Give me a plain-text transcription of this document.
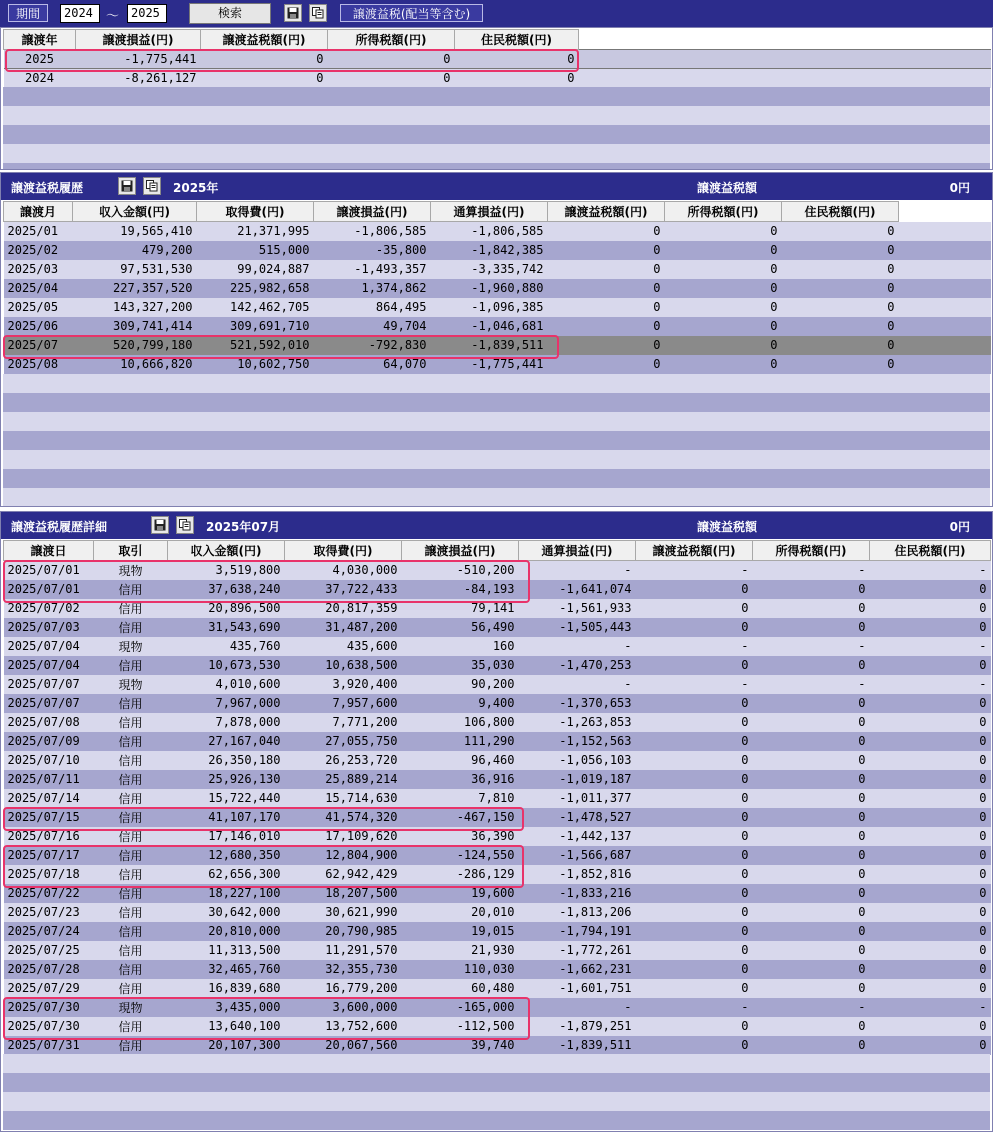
期間	2024	～ 2025	検索	譲渡益税(配当等含む)
譲渡年	譲渡損益(円)	譲渡益税額(円)	所得税額(円)	住民税額(円)	
2025	-1,775,441	0	0	0	
2024	-8,261,127	0	0	0	
譲渡益税履歴	2025年	譲渡益税額	0円
譲渡月	収入金額(円)	取得費(円)	譲渡損益(円)	通算損益(円)	譲渡益税額(円)	所得税額(円)	住民税額(円)	
2025/01	19,565,410	21,371,995	-1,806,585	-1,806,585	0	0	0	
2025/02	479,200	515,000	-35,800	-1,842,385	0	0	0	
2025/03	97,531,530	99,024,887	-1,493,357	-3,335,742	0	0	0	
2025/04	227,357,520	225,982,658	1,374,862	-1,960,880	0	0	0	
2025/05	143,327,200	142,462,705	864,495	-1,096,385	0	0	0	
2025/06	309,741,414	309,691,710	49,704	-1,046,681	0	0	0	
2025/07	520,799,180	521,592,010	-792,830	-1,839,511	0	0	0	
2025/08	10,666,820	10,602,750	64,070	-1,775,441	0	0	0	
譲渡益税履歴詳細	2025年07月	譲渡益税額	0円
譲渡日	取引	収入金額(円)	取得費(円)	譲渡損益(円)	通算損益(円)	譲渡益税額(円)	所得税額(円)	住民税額(円)
2025/07/01	現物	3,519,800	4,030,000	-510,200	-	-	-	-
2025/07/01	信用	37,638,240	37,722,433	-84,193	-1,641,074	0	0	0
2025/07/02	信用	20,896,500	20,817,359	79,141	-1,561,933	0	0	0
2025/07/03	信用	31,543,690	31,487,200	56,490	-1,505,443	0	0	0
2025/07/04	現物	435,760	435,600	160	-	-	-	-
2025/07/04	信用	10,673,530	10,638,500	35,030	-1,470,253	0	0	0
2025/07/07	現物	4,010,600	3,920,400	90,200	-	-	-	-
2025/07/07	信用	7,967,000	7,957,600	9,400	-1,370,653	0	0	0
2025/07/08	信用	7,878,000	7,771,200	106,800	-1,263,853	0	0	0
2025/07/09	信用	27,167,040	27,055,750	111,290	-1,152,563	0	0	0
2025/07/10	信用	26,350,180	26,253,720	96,460	-1,056,103	0	0	0
2025/07/11	信用	25,926,130	25,889,214	36,916	-1,019,187	0	0	0
2025/07/14	信用	15,722,440	15,714,630	7,810	-1,011,377	0	0	0
2025/07/15	信用	41,107,170	41,574,320	-467,150	-1,478,527	0	0	0
2025/07/16	信用	17,146,010	17,109,620	36,390	-1,442,137	0	0	0
2025/07/17	信用	12,680,350	12,804,900	-124,550	-1,566,687	0	0	0
2025/07/18	信用	62,656,300	62,942,429	-286,129	-1,852,816	0	0	0
2025/07/22	信用	18,227,100	18,207,500	19,600	-1,833,216	0	0	0
2025/07/23	信用	30,642,000	30,621,990	20,010	-1,813,206	0	0	0
2025/07/24	信用	20,810,000	20,790,985	19,015	-1,794,191	0	0	0
2025/07/25	信用	11,313,500	11,291,570	21,930	-1,772,261	0	0	0
2025/07/28	信用	32,465,760	32,355,730	110,030	-1,662,231	0	0	0
2025/07/29	信用	16,839,680	16,779,200	60,480	-1,601,751	0	0	0
2025/07/30	現物	3,435,000	3,600,000	-165,000	-	-	-	-
2025/07/30	信用	13,640,100	13,752,600	-112,500	-1,879,251	0	0	0
2025/07/31	信用	20,107,300	20,067,560	39,740	-1,839,511	0	0	0
